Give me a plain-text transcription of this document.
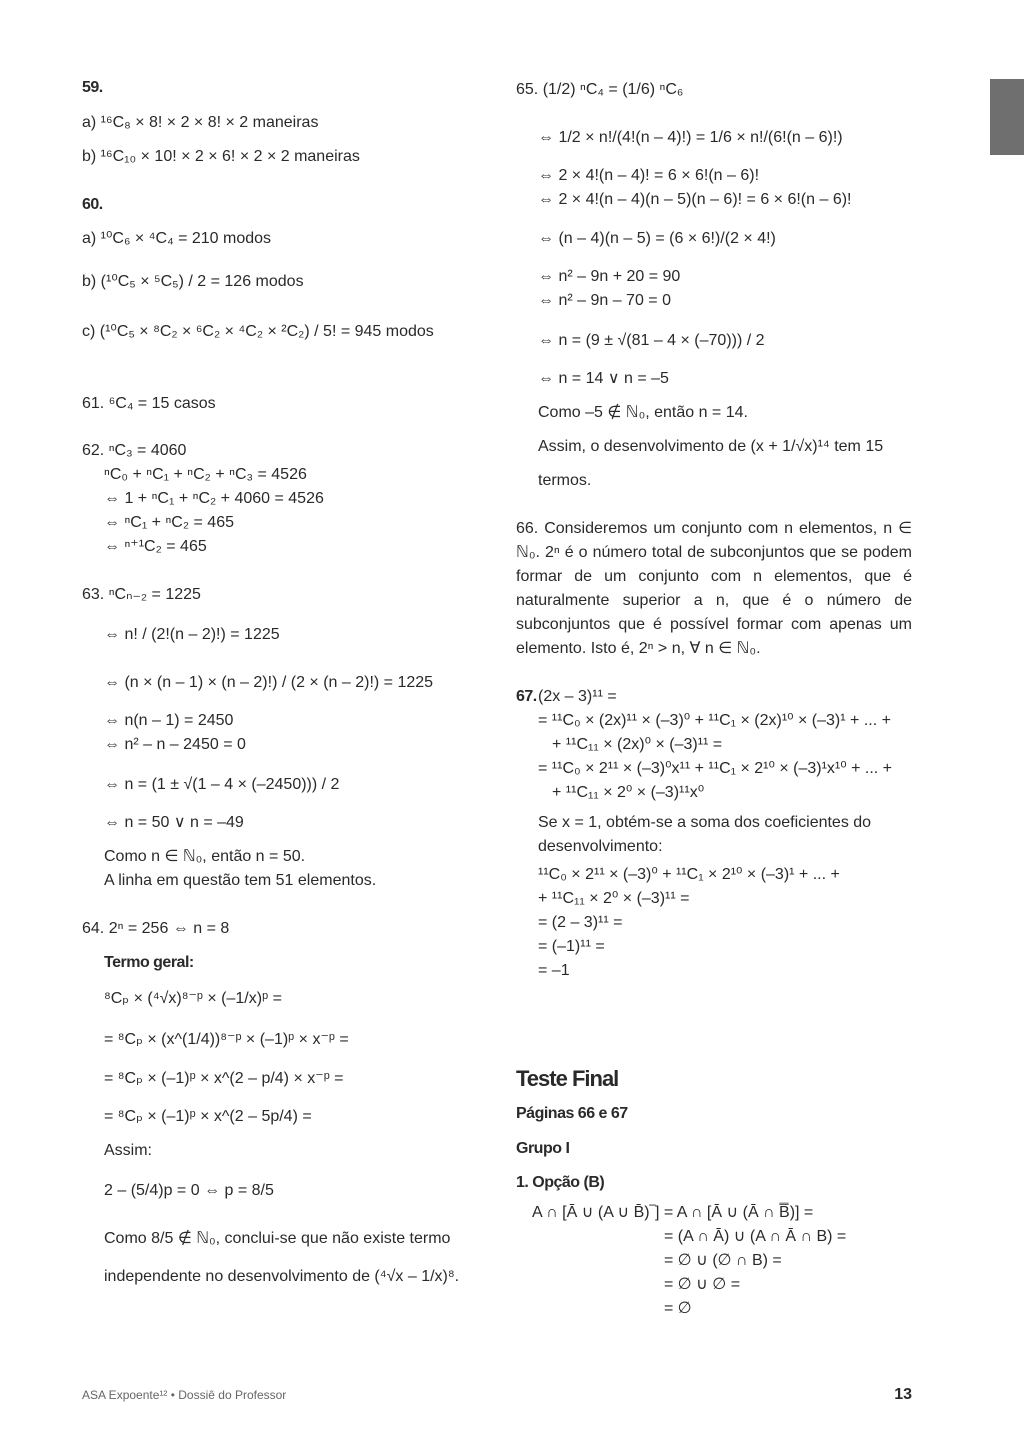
67.
66. Consideremos um conjunto com n elementos, n ∈ ℕ₀. 2ⁿ é o número total de subconjuntos que se podem formar de um conjunto com n elementos, que é naturalmente superior a n, que é o número de subconjuntos que é possível formar com apenas um elemento. Isto é, 2ⁿ > n, ∀ n ∈ ℕ₀.
Teste Final
Páginas 66 e 67
Grupo I
1. Opção (B)
ASA Expoente¹² • Dossiê do Professor	13
59.
a) ¹⁶C₈ × 8! × 2 × 8! × 2 maneiras
b) ¹⁶C₁₀ × 10! × 2 × 6! × 2 × 2 maneiras
60.
a) ¹⁰C₆ × ⁴C₄ = 210 modos
b) (¹⁰C₅ × ⁵C₅) / 2 = 126 modos
c) (¹⁰C₅ × ⁸C₂ × ⁶C₂ × ⁴C₂ × ²C₂) / 5! = 945 modos
61. ⁶C₄ = 15 casos
62. ⁿC₃ = 4060
ⁿC₀ + ⁿC₁ + ⁿC₂ + ⁿC₃ = 4526
⇔ 1 + ⁿC₁ + ⁿC₂ + 4060 = 4526
⇔ ⁿC₁ + ⁿC₂ = 465
⇔ ⁿ⁺¹C₂ = 465
63. ⁿCₙ₋₂ = 1225
⇔ n! / (2!(n – 2)!) = 1225
⇔ (n × (n – 1) × (n – 2)!) / (2 × (n – 2)!) = 1225
⇔ n(n – 1) = 2450
⇔ n² – n – 2450 = 0
⇔ n = (1 ± √(1 – 4 × (–2450))) / 2
⇔ n = 50 ∨ n = –49
Como n ∈ ℕ₀, então n = 50.
A linha em questão tem 51 elementos.
64. 2ⁿ = 256 ⇔ n = 8
Termo geral:
⁸Cₚ × (⁴√x)⁸⁻ᵖ × (–1/x)ᵖ =
= ⁸Cₚ × (x^(1/4))⁸⁻ᵖ × (–1)ᵖ × x⁻ᵖ =
= ⁸Cₚ × (–1)ᵖ × x^(2 – p/4) × x⁻ᵖ =
= ⁸Cₚ × (–1)ᵖ × x^(2 – 5p/4) =
Assim:
2 – (5/4)p = 0 ⇔ p = 8/5
Como 8/5 ∉ ℕ₀, conclui-se que não existe termo
independente no desenvolvimento de (⁴√x – 1/x)⁸.
65. (1/2) ⁿC₄ = (1/6) ⁿC₆
⇔ 1/2 × n!/(4!(n – 4)!) = 1/6 × n!/(6!(n – 6)!)
⇔ 2 × 4!(n – 4)! = 6 × 6!(n – 6)!
⇔ 2 × 4!(n – 4)(n – 5)(n – 6)! = 6 × 6!(n – 6)!
⇔ (n – 4)(n – 5) = (6 × 6!)/(2 × 4!)
⇔ n² – 9n + 20 = 90
⇔ n² – 9n – 70 = 0
⇔ n = (9 ± √(81 – 4 × (–70))) / 2
⇔ n = 14 ∨ n = –5
Como –5 ∉ ℕ₀, então n = 14.
Assim, o desenvolvimento de (x + 1/√x)¹⁴ tem 15
termos.
(2x – 3)¹¹ =
= ¹¹C₀ × (2x)¹¹ × (–3)⁰ + ¹¹C₁ × (2x)¹⁰ × (–3)¹ + ... +
+ ¹¹C₁₁ × (2x)⁰ × (–3)¹¹ =
= ¹¹C₀ × 2¹¹ × (–3)⁰x¹¹ + ¹¹C₁ × 2¹⁰ × (–3)¹x¹⁰ + ... +
+ ¹¹C₁₁ × 2⁰ × (–3)¹¹x⁰
Se x = 1, obtém-se a soma dos coeficientes do
desenvolvimento:
¹¹C₀ × 2¹¹ × (–3)⁰ + ¹¹C₁ × 2¹⁰ × (–3)¹ + ... +
+ ¹¹C₁₁ × 2⁰ × (–3)¹¹ =
= (2 – 3)¹¹ =
= (–1)¹¹ =
= –1
A ∩ [Ā ∪ (A ∪ B̄)‾] = A ∩ [Ā ∪ (Ā ∩ B̿)] =
= (A ∩ Ā) ∪ (A ∩ Ā ∩ B) =
= ∅ ∪ (∅ ∩ B) =
= ∅ ∪ ∅ =
= ∅
